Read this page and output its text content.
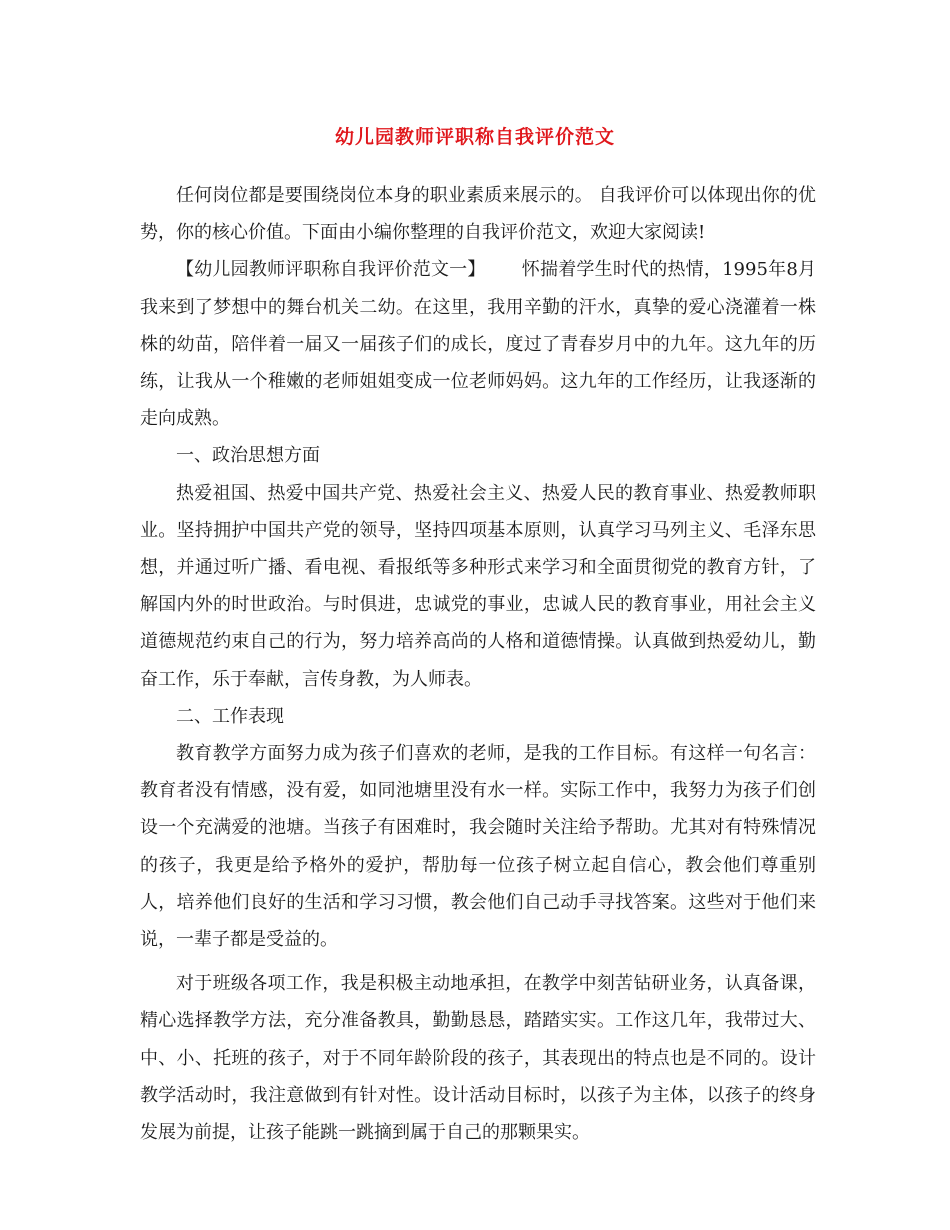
幼儿园教师评职称自我评价范文

任何岗位都是要围绕岗位本身的职业素质来展示的。 自我评价可以体现出你的优势，你的核心价值。下面由小编你整理的自我评价范文，欢迎大家阅读!

【幼儿园教师评职称自我评价范文一】   怀揣着学生时代的热情，1995年8月我来到了梦想中的舞台机关二幼。在这里，我用辛勤的汗水，真挚的爱心浇灌着一株株的幼苗，陪伴着一届又一届孩子们的成长，度过了青春岁月中的九年。这九年的历练，让我从一个稚嫩的老师姐姐变成一位老师妈妈。这九年的工作经历，让我逐渐的走向成熟。

一、政治思想方面

热爱祖国、热爱中国共产党、热爱社会主义、热爱人民的教育事业、热爱教师职业。坚持拥护中国共产党的领导，坚持四项基本原则，认真学习马列主义、毛泽东思想，并通过听广播、看电视、看报纸等多种形式来学习和全面贯彻党的教育方针，了解国内外的时世政治。与时俱进，忠诚党的事业，忠诚人民的教育事业，用社会主义道德规范约束自己的行为，努力培养高尚的人格和道德情操。认真做到热爱幼儿，勤奋工作，乐于奉献，言传身教，为人师表。

二、工作表现

教育教学方面努力成为孩子们喜欢的老师，是我的工作目标。有这样一句名言：教育者没有情感，没有爱，如同池塘里没有水一样。实际工作中，我努力为孩子们创设一个充满爱的池塘。当孩子有困难时，我会随时关注给予帮助。尤其对有特殊情况的孩子，我更是给予格外的爱护，帮肋每一位孩子树立起自信心，教会他们尊重别人，培养他们良好的生活和学习习惯，教会他们自己动手寻找答案。这些对于他们来说，一辈子都是受益的。

对于班级各项工作，我是积极主动地承担，在教学中刻苦钻研业务，认真备课，精心选择教学方法，充分准备教具，勤勤恳恳，踏踏实实。工作这几年，我带过大、中、小、托班的孩子，对于不同年龄阶段的孩子，其表现出的特点也是不同的。设计教学活动时，我注意做到有针对性。设计活动目标时，以孩子为主体，以孩子的终身发展为前提，让孩子能跳一跳摘到属于自己的那颗果实。
